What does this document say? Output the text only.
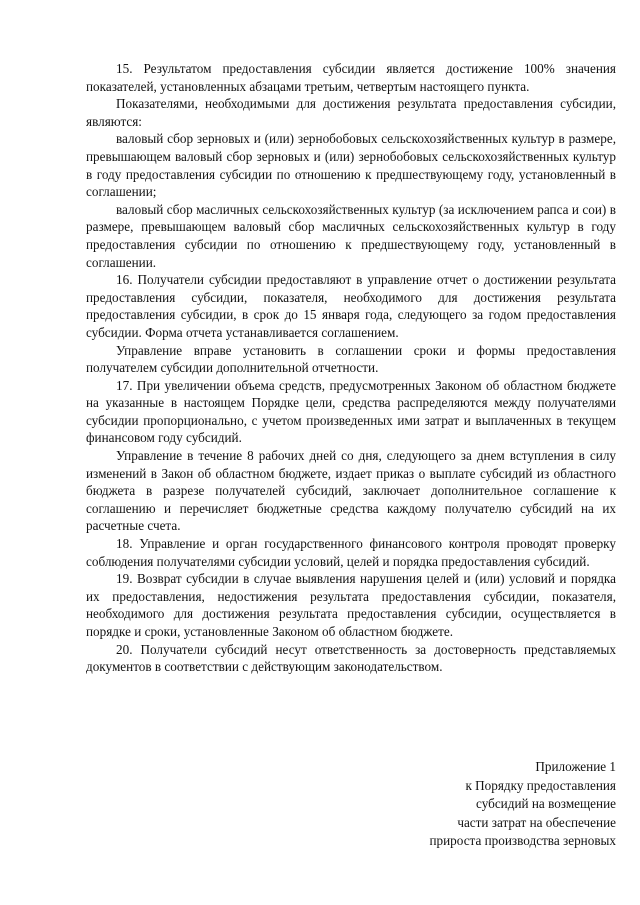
15. Результатом предоставления субсидии является достижение 100% значения показателей, установленных абзацами третьим, четвертым настоящего пункта.

Показателями, необходимыми для достижения результата предоставления субсидии, являются:

валовый сбор зерновых и (или) зернобобовых сельскохозяйственных культур в размере, превышающем валовый сбор зерновых и (или) зернобобовых сельскохозяйственных культур в году предоставления субсидии по отношению к предшествующему году, установленный в соглашении;

валовый сбор масличных сельскохозяйственных культур (за исключением рапса и сои) в размере, превышающем валовый сбор масличных сельскохозяйственных культур в году предоставления субсидии по отношению к предшествующему году, установленный в соглашении.

16. Получатели субсидии предоставляют в управление отчет о достижении результата предоставления субсидии, показателя, необходимого для достижения результата предоставления субсидии, в срок до 15 января года, следующего за годом предоставления субсидии. Форма отчета устанавливается соглашением.

Управление вправе установить в соглашении сроки и формы предоставления получателем субсидии дополнительной отчетности.

17. При увеличении объема средств, предусмотренных Законом об областном бюджете на указанные в настоящем Порядке цели, средства распределяются между получателями субсидии пропорционально, с учетом произведенных ими затрат и выплаченных в текущем финансовом году субсидий.

Управление в течение 8 рабочих дней со дня, следующего за днем вступления в силу изменений в Закон об областном бюджете, издает приказ о выплате субсидий из областного бюджета в разрезе получателей субсидий, заключает дополнительное соглашение к соглашению и перечисляет бюджетные средства каждому получателю субсидий на их расчетные счета.

18. Управление и орган государственного финансового контроля проводят проверку соблюдения получателями субсидии условий, целей и порядка предоставления субсидий.

19. Возврат субсидии в случае выявления нарушения целей и (или) условий и порядка их предоставления, недостижения результата предоставления субсидии, показателя, необходимого для достижения результата предоставления субсидии, осуществляется в порядке и сроки, установленные Законом об областном бюджете.

20. Получатели субсидий несут ответственность за достоверность представляемых документов в соответствии с действующим законодательством.

Приложение 1
к Порядку предоставления
субсидий на возмещение
части затрат на обеспечение
прироста производства зерновых
